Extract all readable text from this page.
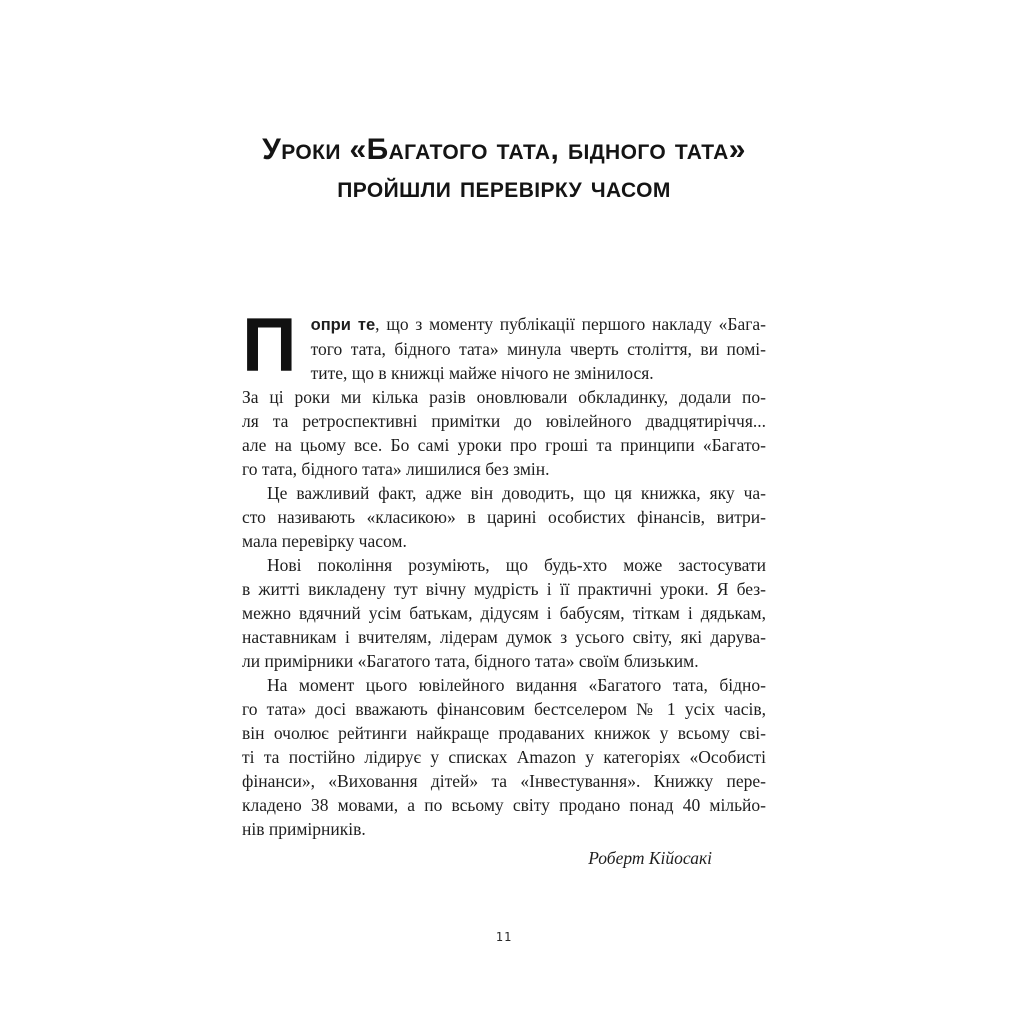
Уроки «Багатого тата, бідного тата»
пройшли перевірку часом
П опри те, що з моменту публікації першого накладу «Бага-
того тата, бідного тата» минула чверть століття, ви помі-
тите, що в книжці майже нічого не змінилося.
За ці роки ми кілька разів оновлювали обкладинку, додали по-
ля та ретроспективні примітки до ювілейного двадцятиріччя...
але на цьому все. Бо самі уроки про гроші та принципи «Багато-
го тата, бідного тата» лишилися без змін.
Це важливий факт, адже він доводить, що ця книжка, яку ча-
сто називають «класикою» в царині особистих фінансів, витри-
мала перевірку часом.
Нові покоління розуміють, що будь-хто може застосувати
в житті викладену тут вічну мудрість і її практичні уроки. Я без-
межно вдячний усім батькам, дідусям і бабусям, тіткам і дядькам,
наставникам і вчителям, лідерам думок з усього світу, які дарува-
ли примірники «Багатого тата, бідного тата» своїм близьким.
На момент цього ювілейного видання «Багатого тата, бідно-
го тата» досі вважають фінансовим бестселером № 1 усіх часів,
він очолює рейтинги найкраще продаваних книжок у всьому сві-
ті та постійно лідирує у списках Amazon у категоріях «Особисті
фінанси», «Виховання дітей» та «Інвестування». Книжку пере-
кладено 38 мовами, а по всьому світу продано понад 40 мільйо-
нів примірників.
Роберт Кійосакі
11
